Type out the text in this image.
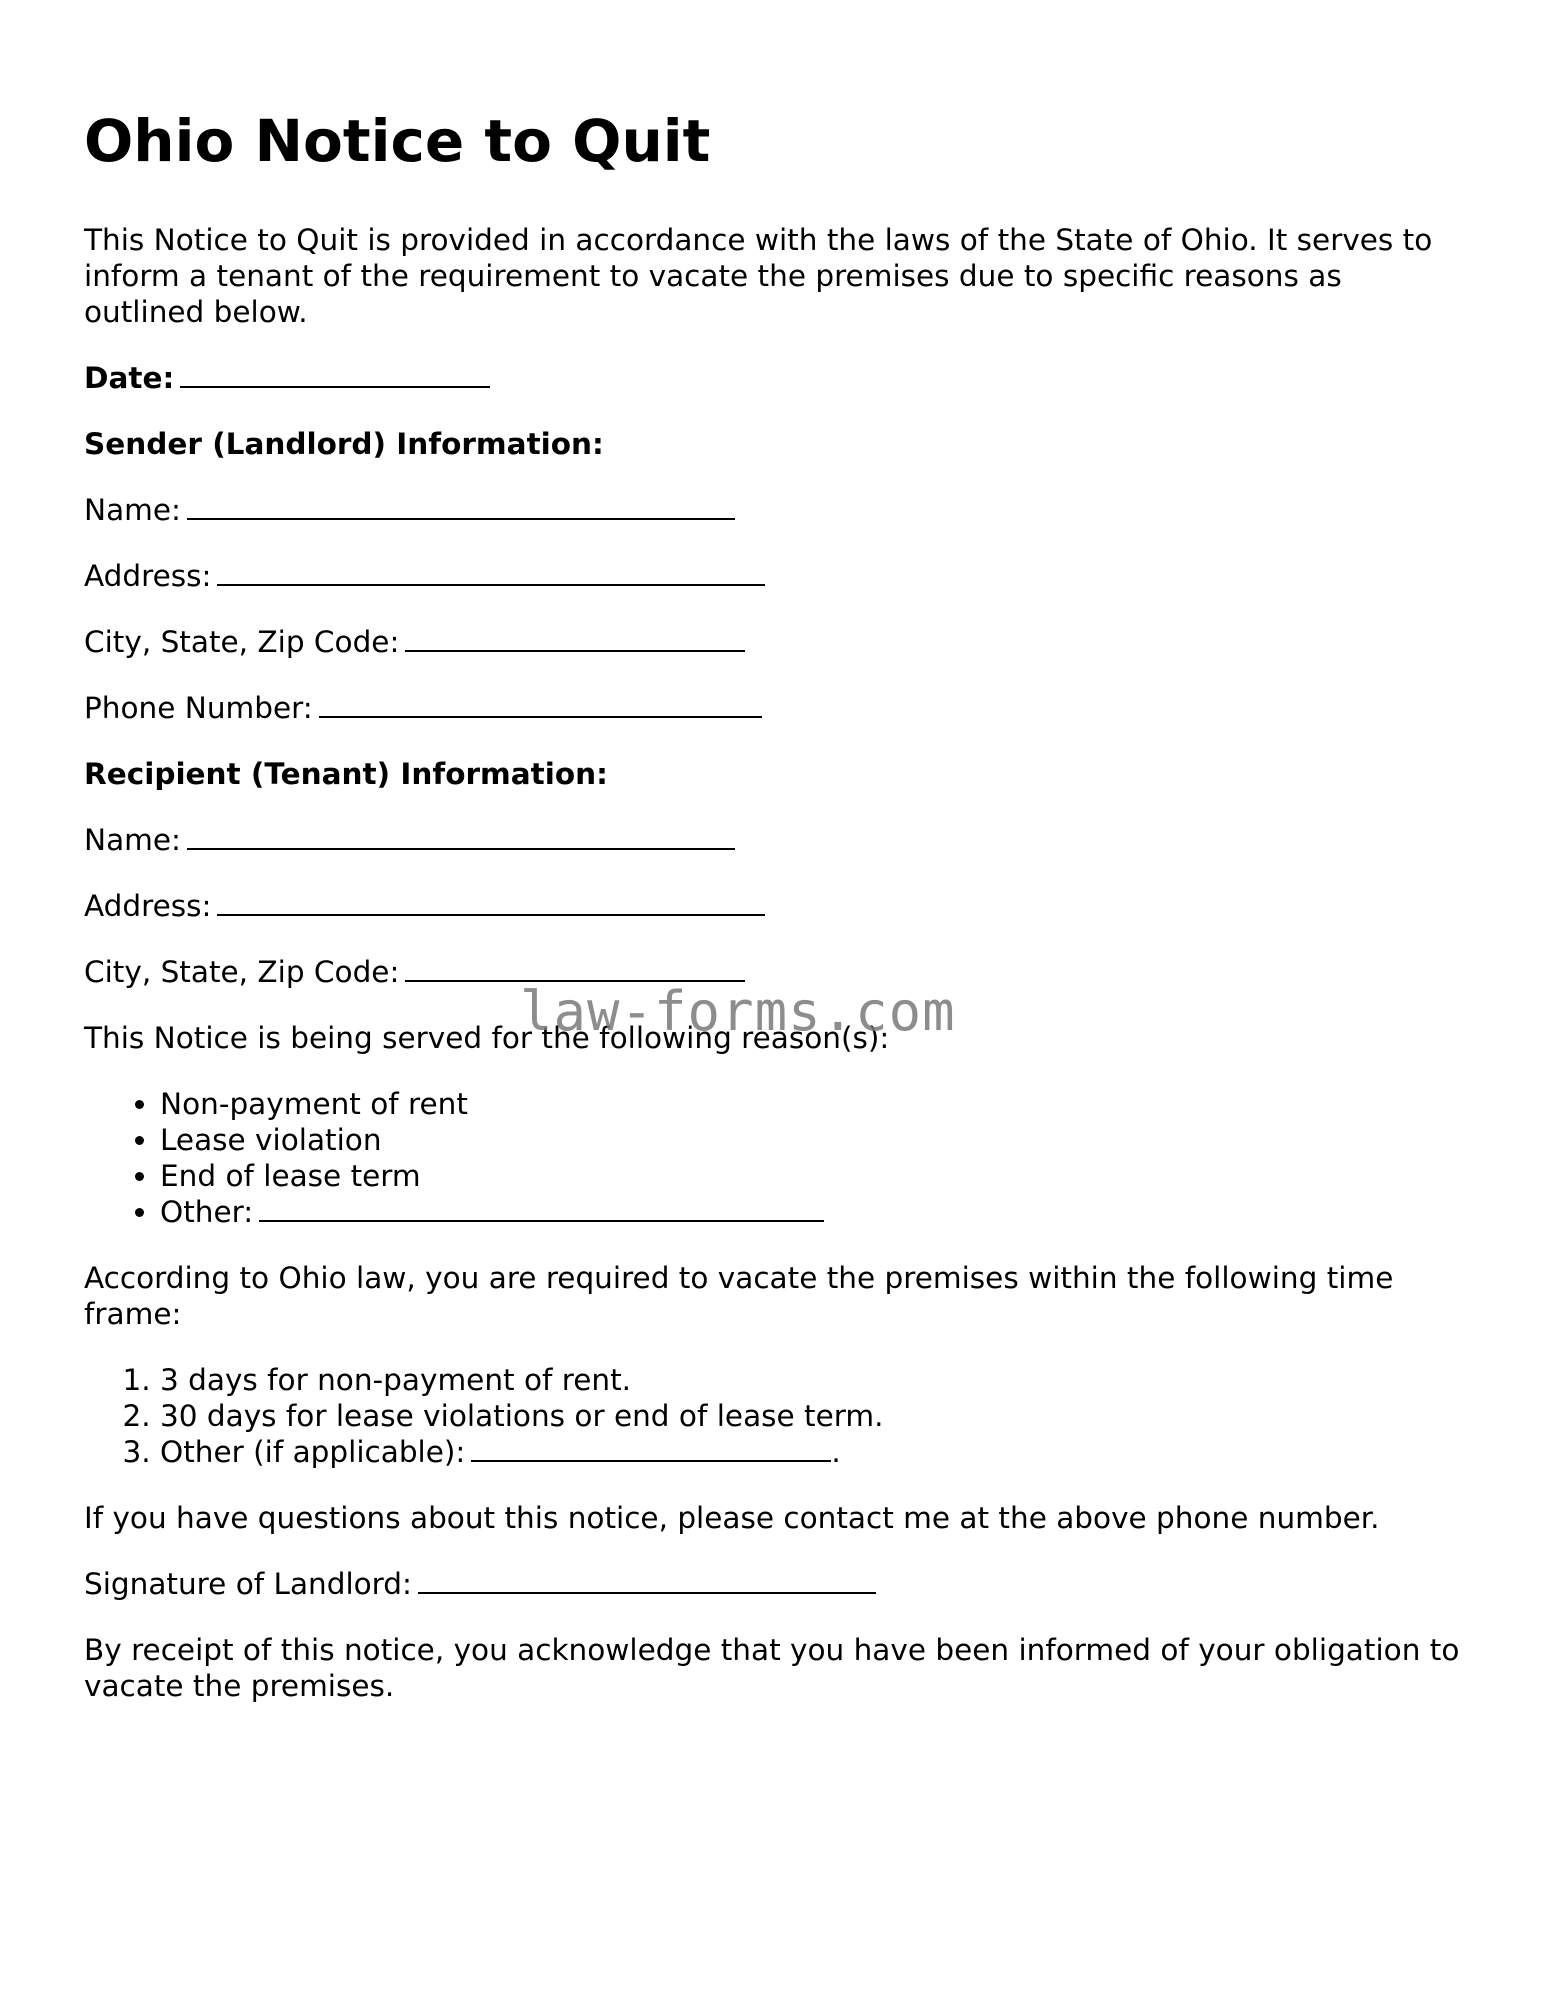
Ohio Notice to Quit

This Notice to Quit is provided in accordance with the laws of the State of Ohio. It serves to inform a tenant of the requirement to vacate the premises due to specific reasons as outlined below.

Date:

Sender (Landlord) Information:

Name:

Address:

City, State, Zip Code:

Phone Number:

Recipient (Tenant) Information:

Name:

Address:

City, State, Zip Code:

This Notice is being served for the following reason(s):

• Non-payment of rent
• Lease violation
• End of lease term
• Other:

According to Ohio law, you are required to vacate the premises within the following time frame:

1. 3 days for non-payment of rent.
2. 30 days for lease violations or end of lease term.
3. Other (if applicable):	.

If you have questions about this notice, please contact me at the above phone number.

Signature of Landlord:

By receipt of this notice, you acknowledge that you have been informed of your obligation to vacate the premises.

law-forms.com
